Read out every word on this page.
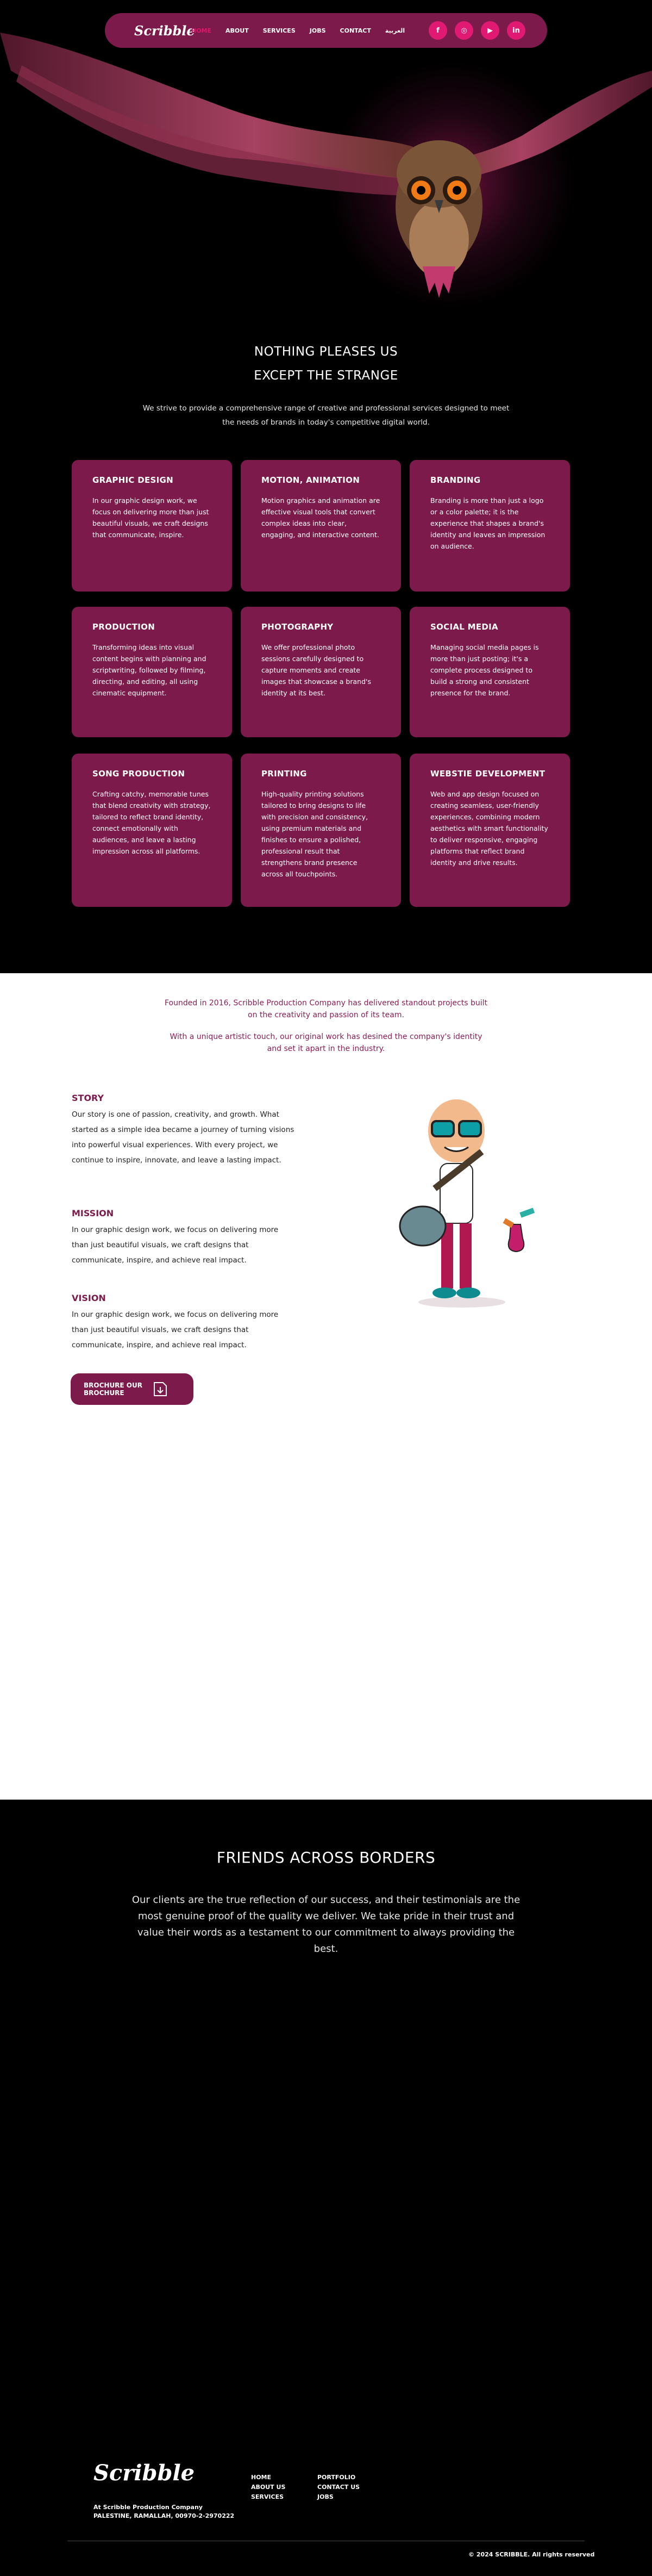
Scribble
HOME ABOUT SERVICES JOBS CONTACT العربية	f	◎	▶	in
NOTHING PLEASES US
EXCEPT THE STRANGE
We strive to provide a comprehensive range of creative and professional services designed to meet the needs of brands in today's competitive digital world.
GRAPHIC DESIGN
In our graphic design work, we focus on delivering more than just beautiful visuals, we craft designs that communicate, inspire.
MOTION, ANIMATION
Motion graphics and animation are effective visual tools that convert complex ideas into clear, engaging, and interactive content.
BRANDING
Branding is more than just a logo or a color palette; it is the experience that shapes a brand's identity and leaves an impression on audience.
PRODUCTION
Transforming ideas into visual content begins with planning and scriptwriting, followed by filming, directing, and editing, all using cinematic equipment.
PHOTOGRAPHY
We offer professional photo sessions carefully designed to capture moments and create images that showcase a brand's identity at its best.
SOCIAL MEDIA
Managing social media pages is more than just posting; it's a complete process designed to build a strong and consistent presence for the brand.
SONG PRODUCTION
Crafting catchy, memorable tunes that blend creativity with strategy, tailored to reflect brand identity, connect emotionally with audiences, and leave a lasting impression across all platforms.
PRINTING
High-quality printing solutions tailored to bring designs to life with precision and consistency, using premium materials and finishes to ensure a polished, professional result that strengthens brand presence across all touchpoints.
WEBSTIE DEVELOPMENT
Web and app design focused on creating seamless, user-friendly experiences, combining modern aesthetics with smart functionality to deliver responsive, engaging platforms that reflect brand identity and drive results.
Founded in 2016, Scribble Production Company has delivered standout projects built on the creativity and passion of its team.
With a unique artistic touch, our original work has desined the company's identity and set it apart in the industry.
STORY
Our story is one of passion, creativity, and growth. What started as a simple idea became a journey of turning visions into powerful visual experiences. With every project, we continue to inspire, innovate, and leave a lasting impact.
MISSION
In our graphic design work, we focus on delivering more than just beautiful visuals, we craft designs that communicate, inspire, and achieve real impact.
VISION
In our graphic design work, we focus on delivering more than just beautiful visuals, we craft designs that communicate, inspire, and achieve real impact.
BROCHURE OUR BROCHURE
FRIENDS ACROSS BORDERS
Our clients are the true reflection of our success, and their testimonials are the most genuine proof of the quality we deliver. We take pride in their trust and value their words as a testament to our commitment to always providing the best.
Scribble
At Scribble Production Company PALESTINE, RAMALLAH, 00970-2-2970222
HOME
ABOUT US
SERVICES
PORTFOLIO
CONTACT US
JOBS
© 2024 SCRIBBLE. All rights reserved
